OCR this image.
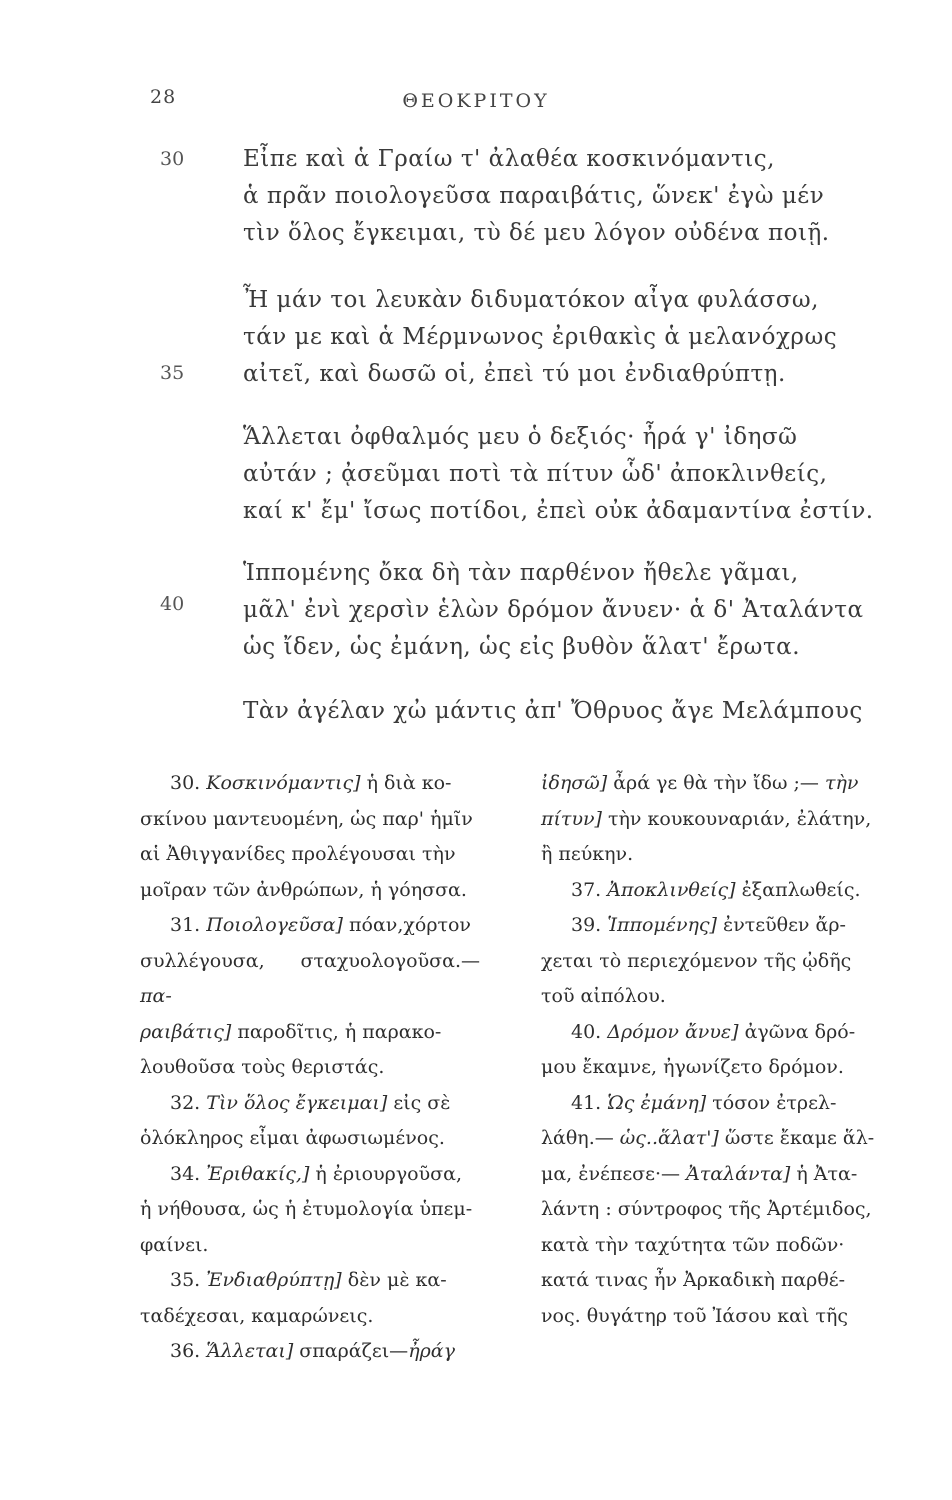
28	ΘΕΟΚΡΙΤΟΥ
30
35
40
Εἶπε καὶ ἁ Γραίω τ' ἀλαθέα κοσκινόμαντις,
ἁ πρᾶν ποιολογεῦσα παραιβάτις, ὥνεκ' ἐγὼ μέν
τὶν ὅλος ἔγκειμαι, τὺ δέ μευ λόγον οὐδένα ποιῇ.
Ἦ μάν τοι λευκὰν διδυματόκον αἶγα φυλάσσω,
τάν με καὶ ἁ Μέρμνωνος ἐριθακὶς ἁ μελανόχρως
αἰτεῖ, καὶ δωσῶ οἱ, ἐπεὶ τύ μοι ἐνδιαθρύπτῃ.
Ἅλλεται ὀφθαλμός μευ ὁ δεξιός· ἦρά γ' ἰδησῶ
αὐτάν ; ᾀσεῦμαι ποτὶ τὰ πίτυν ὧδ' ἀποκλινθείς,
καί κ' ἔμ' ἴσως ποτίδοι, ἐπεὶ οὐκ ἀδαμαντίνα ἐστίν.
Ἱππομένης ὄκα δὴ τὰν παρθένον ἤθελε γᾶμαι,
μᾶλ' ἐνὶ χερσὶν ἑλὼν δρόμον ἄνυεν· ἁ δ' Ἀταλάντα
ὡς ἴδεν, ὡς ἐμάνη, ὡς εἰς βυθὸν ἅλατ' ἔρωτα.
Τὰν ἀγέλαν χὠ μάντις ἀπ' Ὄθρυος ἄγε Μελάμπους

30. Κοσκινόμαντις] ἡ διὰ κο-

σκίνου μαντευομένη, ὡς παρ' ἡμῖν

αἱ Ἀθιγγανίδες προλέγουσαι τὴν

μοῖραν τῶν ἀνθρώπων, ἡ γόησσα.

31. Ποιολογεῦσα] πόαν,χόρτον

συλλέγουσα, σταχυολογοῦσα.—πα-

ραιβάτις] παροδῖτις, ἡ παρακο-

λουθοῦσα τοὺς θεριστάς.

32. Τὶν ὅλος ἔγκειμαι] εἰς σὲ

ὁλόκληρος εἶμαι ἀφωσιωμένος.

34. Ἐριθακίς,] ἡ ἐριουργοῦσα,

ἡ νήθουσα, ὡς ἡ ἐτυμολογία ὑπεμ-

φαίνει.

35. Ἐνδιαθρύπτῃ] δὲν μὲ κα-

ταδέχεσαι, καμαρώνεις.

36. Ἅλλεται] σπαράζει—ἦράγ

ἰδησῶ] ἆρά γε θὰ τὴν ἴδω ;— τὴν

πίτυν] τὴν κουκουναριάν, ἐλάτην,

ἢ πεύκην.

37. Ἀποκλινθείς] ἐξαπλωθείς.

39. Ἱππομένης] ἐντεῦθεν ἄρ-

χεται τὸ περιεχόμενον τῆς ᾠδῆς

τοῦ αἰπόλου.

40. Δρόμον ἄνυε] ἀγῶνα δρό-

μου ἔκαμνε, ἠγωνίζετο δρόμον.

41. Ὡς ἐμάνη] τόσον ἐτρελ-

λάθη.— ὡς..ἅλατ'] ὥστε ἔκαμε ἅλ-

μα, ἐνέπεσε·— Ἀταλάντα] ἡ Ἀτα-

λάντη : σύντροφος τῆς Ἀρτέμιδος,

κατὰ τὴν ταχύτητα τῶν ποδῶν·

κατά τινας ἦν Ἀρκαδικὴ παρθέ-

νος. θυγάτηρ τοῦ Ἰάσου καὶ τῆς
